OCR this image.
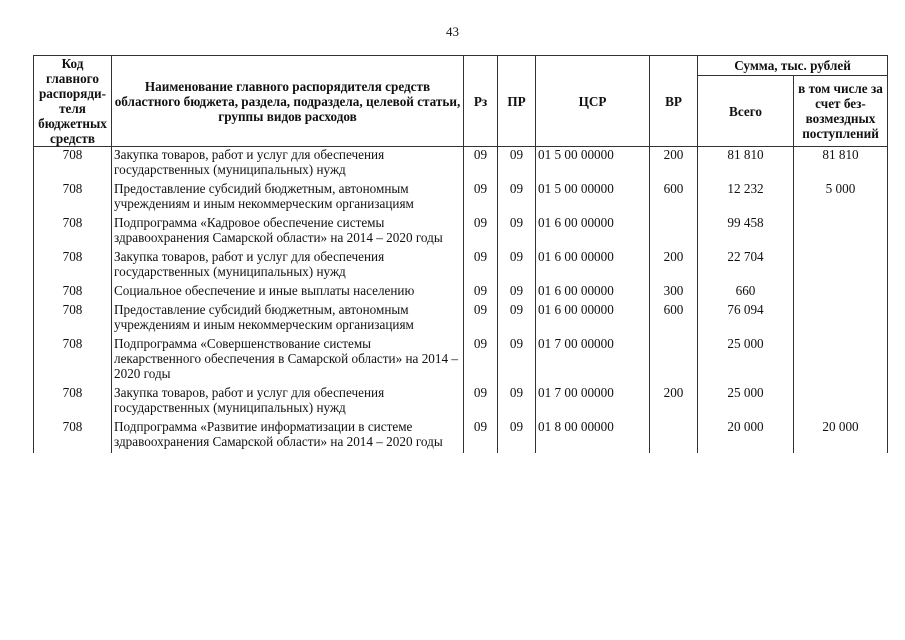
43
Код главного распорядителя бюджетных средств	Наименование главного распорядителя средств областного бюджета, раздела, подраздела, целевой статьи, группы видов расходов	Рз	ПР	ЦСР	ВР	Сумма, тыс. рублей	
						Всего	в том числе за счет безвозмездных поступлений
708	Закупка товаров, работ и услуг для обеспечения государственных (муниципальных) нужд	09	09	01 5 00 00000	200	81 810	81 810
708	Предоставление субсидий бюджетным, автономным учреждениям и иным некоммерческим организациям	09	09	01 5 00 00000	600	12 232	5 000
708	Подпрограмма «Кадровое обеспечение системы здравоохранения Самарской области» на 2014 – 2020 годы	09	09	01 6 00 00000		99 458	
708	Закупка товаров, работ и услуг для обеспечения государственных (муниципальных) нужд	09	09	01 6 00 00000	200	22 704	
708	Социальное обеспечение и иные выплаты населению	09	09	01 6 00 00000	300	660	
708	Предоставление субсидий бюджетным, автономным учреждениям и иным некоммерческим организациям	09	09	01 6 00 00000	600	76 094	
708	Подпрограмма «Совершенствование системы лекарственного обеспечения в Самарской области» на 2014 – 2020 годы	09	09	01 7 00 00000		25 000	
708	Закупка товаров, работ и услуг для обеспечения государственных (муниципальных) нужд	09	09	01 7 00 00000	200	25 000	
708	Подпрограмма «Развитие информатизации в системе здравоохранения Самарской области» на 2014 – 2020 годы	09	09	01 8 00 00000		20 000	20 000
